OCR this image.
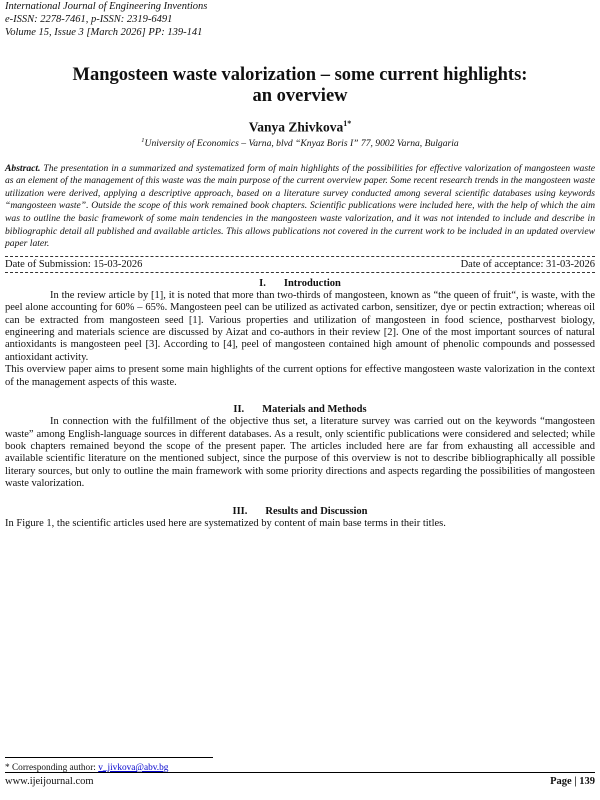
International Journal of Engineering Inventions
e-ISSN: 2278-7461, p-ISSN: 2319-6491
Volume 15, Issue 3 [March 2026] PP: 139-141
Mangosteen waste valorization – some current highlights:
an overview
Vanya Zhivkova$^{1*}$
$^1$University of Economics – Varna, blvd “Knyaz Boris I” 77, 9002 Varna, Bulgaria
Abstract. The presentation in a summarized and systematized form of main highlights of the possibilities for effective valorization of mangosteen waste as an element of the management of this waste was the main purpose of the current overview paper. Some recent research trends in the mangosteen waste utilization were derived, applying a descriptive approach, based on a literature survey conducted among several scientific databases using keywords “mangosteen waste”. Outside the scope of this work remained book chapters. Scientific publications were included here, with the help of which the aim was to outline the basic framework of some main tendencies in the mangosteen waste valorization, and it was not intended to include and describe in bibliographic detail all published and available articles. This allows publications not covered in the current work to be included in an updated overview paper later.
Date of Submission: 15-03-2026	Date of acceptance: 31-03-2026
I. Introduction
In the review article by [1], it is noted that more than two-thirds of mangosteen, known as “the queen of fruit“, is waste, with the peel alone accounting for 60% – 65%. Mangosteen peel can be utilized as activated carbon, sensitizer, dye or pectin extraction; whereas oil can be extracted from mangosteen seed [1]. Various properties and utilization of mangosteen in food science, postharvest biology, engineering and materials science are discussed by Aizat and co-authors in their review [2]. One of the most important sources of natural antioxidants is mangosteen peel [3]. According to [4], peel of mangosteen contained high amount of phenolic compounds and possessed antioxidant activity.
This overview paper aims to present some main highlights of the current options for effective mangosteen waste valorization in the context of the management aspects of this waste.
II. Materials and Methods
In connection with the fulfillment of the objective thus set, a literature survey was carried out on the keywords “mangosteen waste” among English-language sources in different databases. As a result, only scientific publications were considered and selected; while book chapters remained beyond the scope of the present paper. The articles included here are far from exhausting all accessible and available scientific literature on the mentioned subject, since the purpose of this overview is not to describe bibliographically all possible literary sources, but only to outline the main framework with some priority directions and aspects regarding the possibilities of mangosteen waste valorization.
III. Results and Discussion
In Figure 1, the scientific articles used here are systematized by content of main base terms in their titles.
* Corresponding author: v_jivkova@abv.bg
www.ijeijournal.com	Page | 139
